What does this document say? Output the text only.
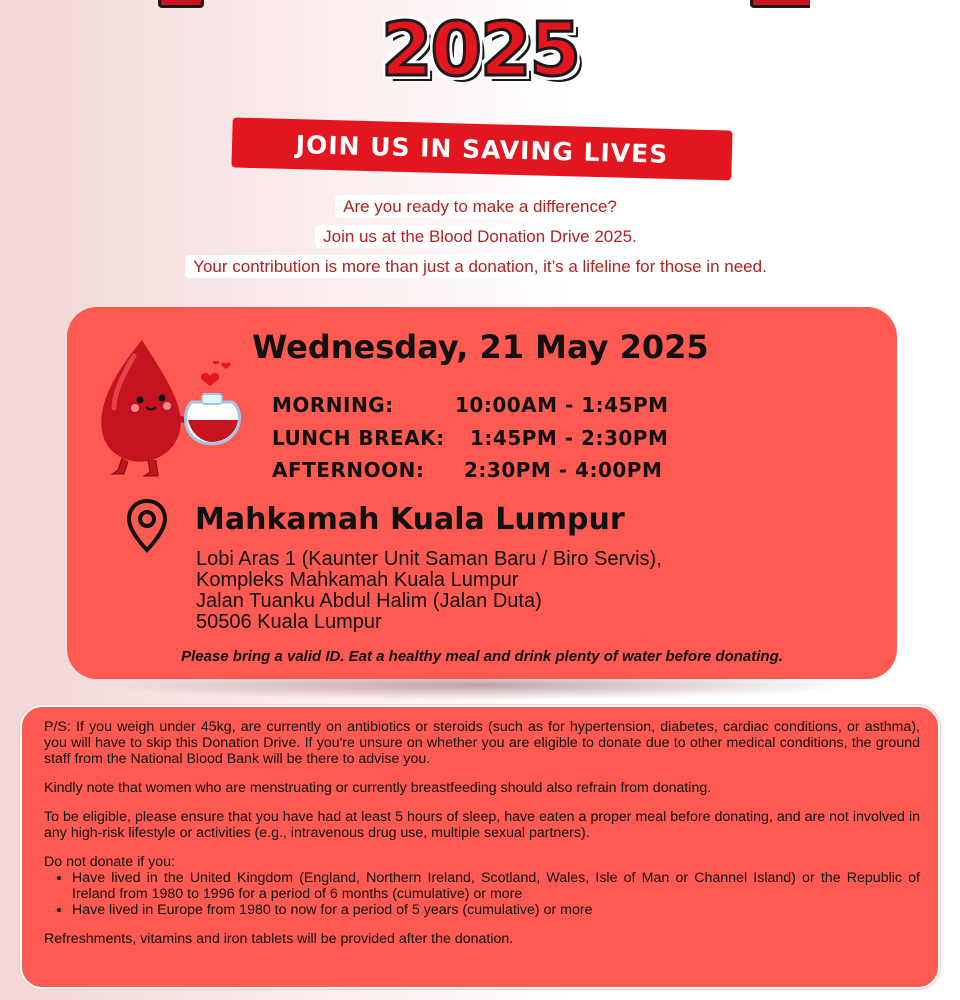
2025
JOIN US IN SAVING LIVES
Are you ready to make a difference?
Join us at the Blood Donation Drive 2025.
Your contribution is more than just a donation, it’s a lifeline for those in need.
Wednesday, 21 May 2025
MORNING:	10:00AM - 1:45PM
LUNCH BREAK: 1:45PM - 2:30PM
AFTERNOON: 2:30PM - 4:00PM
Mahkamah Kuala Lumpur
Lobi Aras 1 (Kaunter Unit Saman Baru / Biro Servis),
Kompleks Mahkamah Kuala Lumpur
Jalan Tuanku Abdul Halim (Jalan Duta)
50506 Kuala Lumpur
Please bring a valid ID. Eat a healthy meal and drink plenty of water before donating.

P/S: If you weigh under 45kg, are currently on antibiotics or steroids (such as for hypertension, diabetes, cardiac conditions, or asthma), you will have to skip this Donation Drive. If you're unsure on whether you are eligible to donate due to other medical conditions, the ground staff from the National Blood Bank will be there to advise you.

Kindly note that women who are menstruating or currently breastfeeding should also refrain from donating.

To be eligible, please ensure that you have had at least 5 hours of sleep, have eaten a proper meal before donating, and are not involved in any high-risk lifestyle or activities (e.g., intravenous drug use, multiple sexual partners).

Do not donate if you:
• Have lived in the United Kingdom (England, Northern Ireland, Scotland, Wales, Isle of Man or Channel Island) or the Republic of Ireland from 1980 to 1996 for a period of 6 months (cumulative) or more
• Have lived in Europe from 1980 to now for a period of 5 years (cumulative) or more

Refreshments, vitamins and iron tablets will be provided after the donation.
